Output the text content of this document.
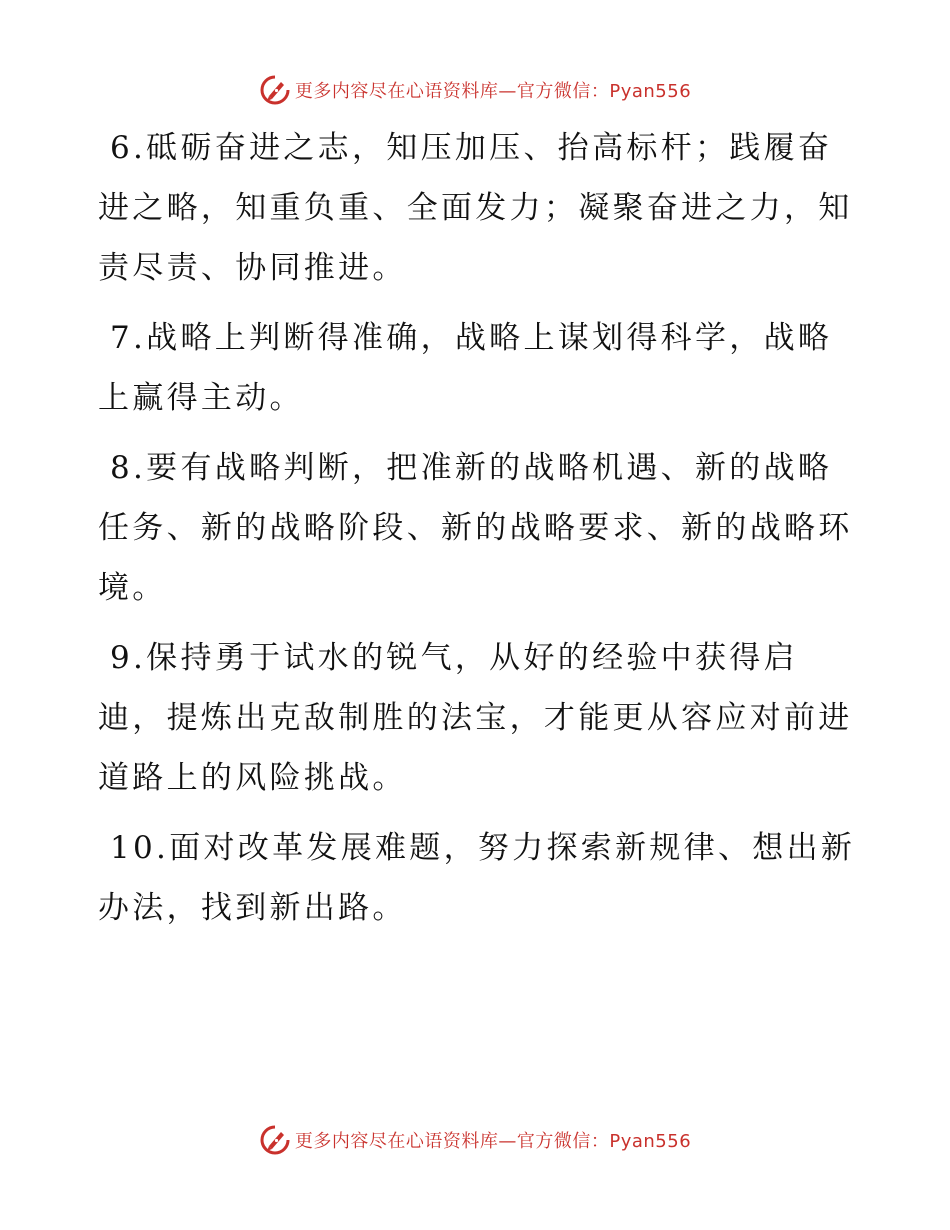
更多内容尽在心语资料库—官方微信：Pyan556

6.砥砺奋进之志，知压加压、抬高标杆；践履奋进之略，知重负重、全面发力；凝聚奋进之力，知责尽责、协同推进。

7.战略上判断得准确，战略上谋划得科学，战略上赢得主动。

8.要有战略判断，把准新的战略机遇、新的战略任务、新的战略阶段、新的战略要求、新的战略环境。

9.保持勇于试水的锐气，从好的经验中获得启迪，提炼出克敌制胜的法宝，才能更从容应对前进道路上的风险挑战。

10.面对改革发展难题，努力探索新规律、想出新办法，找到新出路。

更多内容尽在心语资料库—官方微信：Pyan556
